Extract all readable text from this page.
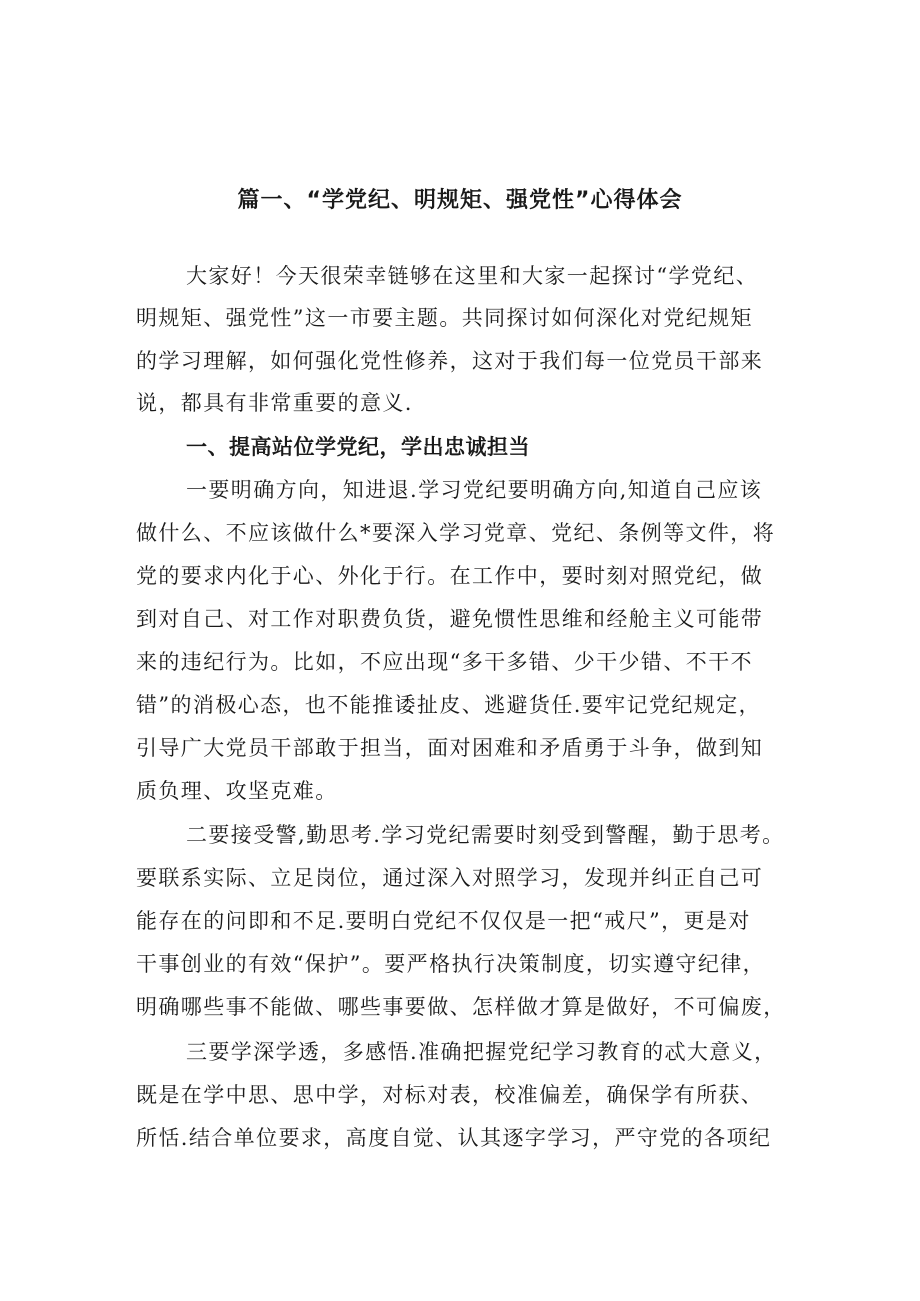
篇一、“学党纪、明规矩、强党性”心得体会
大家好！今天很荣幸链够在这里和大家一起探讨“学党纪、
明规矩、强党性”这一市要主题。共同探讨如何深化对党纪规矩
的学习理解，如何强化党性修养，这对于我们每一位党员干部来
说，都具有非常重要的意义.
一、提高站位学党纪，学出忠诚担当
一要明确方向，知进退.学习党纪要明确方向,知道自己应该
做什么、不应该做什么*要深入学习党章、党纪、条例等文件，将
党的要求内化于心、外化于行。在工作中，要时刻对照党纪，做
到对自己、对工作对职费负货，避免惯性思维和经舱主义可能带
来的违纪行为。比如，不应出现“多干多错、少干少错、不干不
错”的消极心态，也不能推诿扯皮、逃避货任.要牢记党纪规定，
引导广大党员干部敢于担当，面对困难和矛盾勇于斗争，做到知
质负理、攻坚克难。
二要接受警,勤思考.学习党纪需要时刻受到警醒，勤于思考。
要联系实际、立足岗位，通过深入对照学习，发现并纠正自己可
能存在的问即和不足.要明白党纪不仅仅是一把“戒尺”，更是对
干事创业的有效“保护”。要严格执行决策制度，切实遵守纪律，
明确哪些事不能做、哪些事要做、怎样做才算是做好，不可偏废，
三要学深学透，多感悟.准确把握党纪学习教育的忒大意义，
既是在学中思、思中学，对标对表，校准偏差，确保学有所获、
所恬.结合单位要求，高度自觉、认其逐字学习，严守党的各项纪
